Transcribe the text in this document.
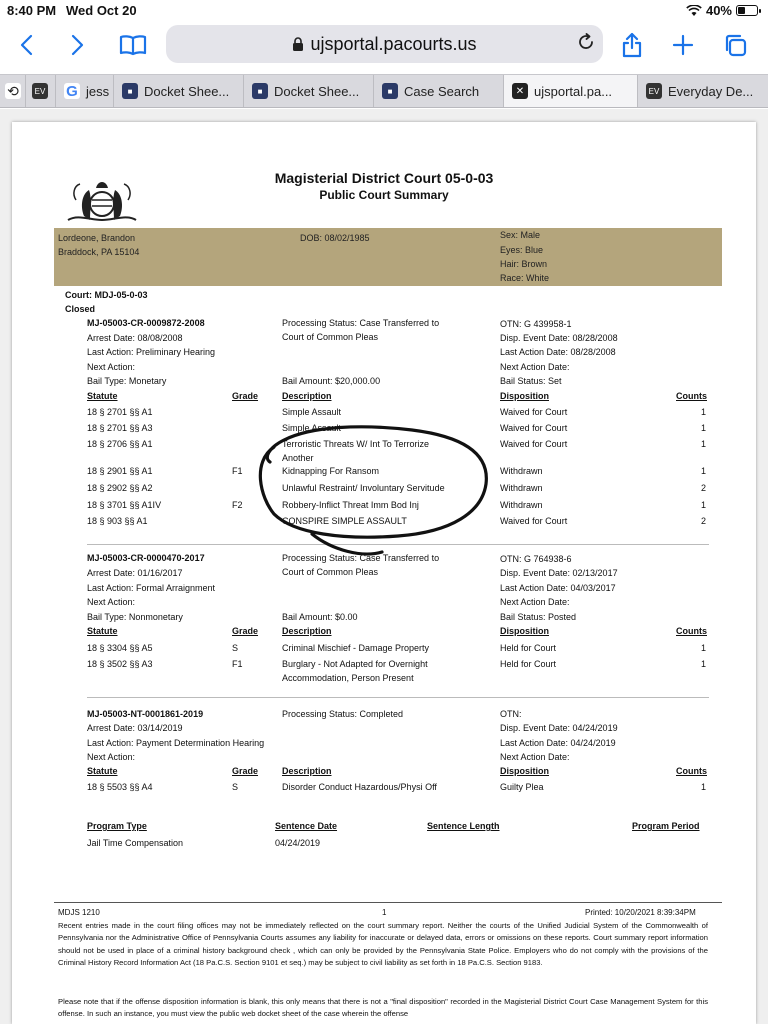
8:40 PM Wed Oct 20	40%
ujsportal.pacourts.us
⟲	EV G jess	■ Docket Shee...	■ Docket Shee...	■ Case Search	✕ ujsportal.pa...	EV Everyday De...
Magisterial District Court 05-0-03
Public Court Summary
Lordeone, Brandon
Braddock, PA 15104
DOB: 08/02/1985	Sex: Male
Eyes: Blue
Hair: Brown
Race: White
Court: MDJ-05-0-03
Closed
MJ-05003-CR-0009872-2008
Arrest Date: 08/08/2008
Last Action: Preliminary Hearing
Next Action:
Bail Type: Monetary
Processing Status: Case Transferred to
Court of Common Pleas
Bail Amount: $20,000.00
OTN: G 439958-1
Disp. Event Date: 08/28/2008
Last Action Date: 08/28/2008
Next Action Date:
Bail Status: Set
Statute	Grade	Description	Disposition	Counts
18 § 2701 §§ A1	Simple Assault	Waived for Court	1
18 § 2701 §§ A3	Simple Assault	Waived for Court	1
18 § 2706 §§ A1	Terroristic Threats W/ Int To Terrorize
Another
Waived for Court	1
18 § 2901 §§ A1	F1	Kidnapping For Ransom	Withdrawn	1
18 § 2902 §§ A2	Unlawful Restraint/ Involuntary Servitude	Withdrawn	2
18 § 3701 §§ A1IV	F2	Robbery-Inflict Threat Imm Bod Inj	Withdrawn	1
18 § 903 §§ A1	CONSPIRE SIMPLE ASSAULT	Waived for Court	2
MJ-05003-CR-0000470-2017
Arrest Date: 01/16/2017
Last Action: Formal Arraignment
Next Action:
Bail Type: Nonmonetary
Processing Status: Case Transferred to
Court of Common Pleas
Bail Amount: $0.00
OTN: G 764938-6
Disp. Event Date: 02/13/2017
Last Action Date: 04/03/2017
Next Action Date:
Bail Status: Posted
Statute	Grade	Description	Disposition	Counts
18 § 3304 §§ A5	S	Criminal Mischief - Damage Property	Held for Court	1
18 § 3502 §§ A3	F1	Burglary - Not Adapted for Overnight
Accommodation, Person Present
Held for Court	1
MJ-05003-NT-0001861-2019
Arrest Date: 03/14/2019
Last Action: Payment Determination Hearing
Next Action:
Processing Status: Completed	OTN:
Disp. Event Date: 04/24/2019
Last Action Date: 04/24/2019
Next Action Date:
Statute	Grade	Description	Disposition	Counts
18 § 5503 §§ A4	S	Disorder Conduct Hazardous/Physi Off	Guilty Plea	1
Program Type	Sentence Date	Sentence Length	Program Period
Jail Time Compensation	04/24/2019
MDJS 1210	1	Printed: 10/20/2021 8:39:34PM

Recent entries made in the court filing offices may not be immediately reflected on the court summary report. Neither the courts of the Unified Judicial System of the Commonwealth of Pennsylvania nor the Administrative Office of Pennsylvania Courts assumes any liability for inaccurate or delayed data, errors or omissions on these reports. Court summary report information should not be used in place of a criminal history background check , which can only be provided by the Pennsylvania State Police. Employers who do not comply with the provisions of the Criminal History Record Information Act (18 Pa.C.S. Section 9101 et seq.) may be subject to civil liability as set forth in 18 Pa.C.S. Section 9183.

Please note that if the offense disposition information is blank, this only means that there is not a "final disposition" recorded in the Magisterial District Court Case Management System for this offense. In such an instance, you must view the public web docket sheet of the case wherein the offense
